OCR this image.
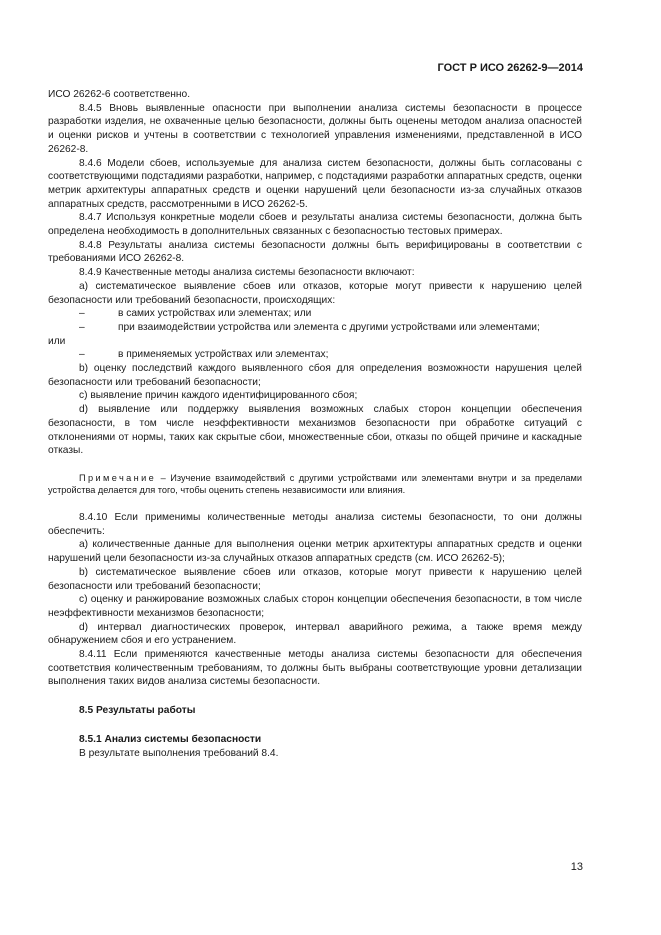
ГОСТ Р ИСО 26262-9—2014

ИСО 26262-6 соответственно.

8.4.5 Вновь выявленные опасности при выполнении анализа системы безопасности в процессе разработки изделия, не охваченные целью безопасности, должны быть оценены методом анализа опасностей и оценки рисков и учтены в соответствии с технологией управления изменениями, представленной в ИСО 26262-8.

8.4.6 Модели сбоев, используемые для анализа систем безопасности, должны быть согласованы с соответствующими подстадиями разработки, например, с подстадиями разработки аппаратных средств, оценки метрик архитектуры аппаратных средств и оценки нарушений цели безопасности из-за случайных отказов аппаратных средств, рассмотренными в ИСО 26262-5.

8.4.7 Используя конкретные модели сбоев и результаты анализа системы безопасности, должна быть определена необходимость в дополнительных связанных с безопасностью тестовых примерах.

8.4.8 Результаты анализа системы безопасности должны быть верифицированы в соответствии с требованиями ИСО 26262-8.

8.4.9 Качественные методы анализа системы безопасности включают:

a) систематическое выявление сбоев или отказов, которые могут привести к нарушению целей безопасности или требований безопасности, происходящих:

–	в самих устройствах или элементах; или
–	при взаимодействии устройства или элемента с другими устройствами или элементами;

или

–	в применяемых устройствах или элементах;

b) оценку последствий каждого выявленного сбоя для определения возможности нарушения целей безопасности или требований безопасности;

c) выявление причин каждого идентифицированного сбоя;

d) выявление или поддержку выявления возможных слабых сторон концепции обеспечения безопасности, в том числе неэффективности механизмов безопасности при обработке ситуаций с отклонениями от нормы, таких как скрытые сбои, множественные сбои, отказы по общей причине и каскадные отказы.

Примечание – Изучение взаимодействий с другими устройствами или элементами внутри и за пределами устройства делается для того, чтобы оценить степень независимости или влияния.

8.4.10 Если применимы количественные методы анализа системы безопасности, то они должны обеспечить:

a) количественные данные для выполнения оценки метрик архитектуры аппаратных средств и оценки нарушений цели безопасности из-за случайных отказов аппаратных средств (см. ИСО 26262-5);

b) систематическое выявление сбоев или отказов, которые могут привести к нарушению целей безопасности или требований безопасности;

c) оценку и ранжирование возможных слабых сторон концепции обеспечения безопасности, в том числе неэффективности механизмов безопасности;

d) интервал диагностических проверок, интервал аварийного режима, а также время между обнаружением сбоя и его устранением.

8.4.11 Если применяются качественные методы анализа системы безопасности для обеспечения соответствия количественным требованиям, то должны быть выбраны соответствующие уровни детализации выполнения таких видов анализа системы безопасности.

8.5 Результаты работы

8.5.1 Анализ системы безопасности

В результате выполнения требований 8.4.

13
